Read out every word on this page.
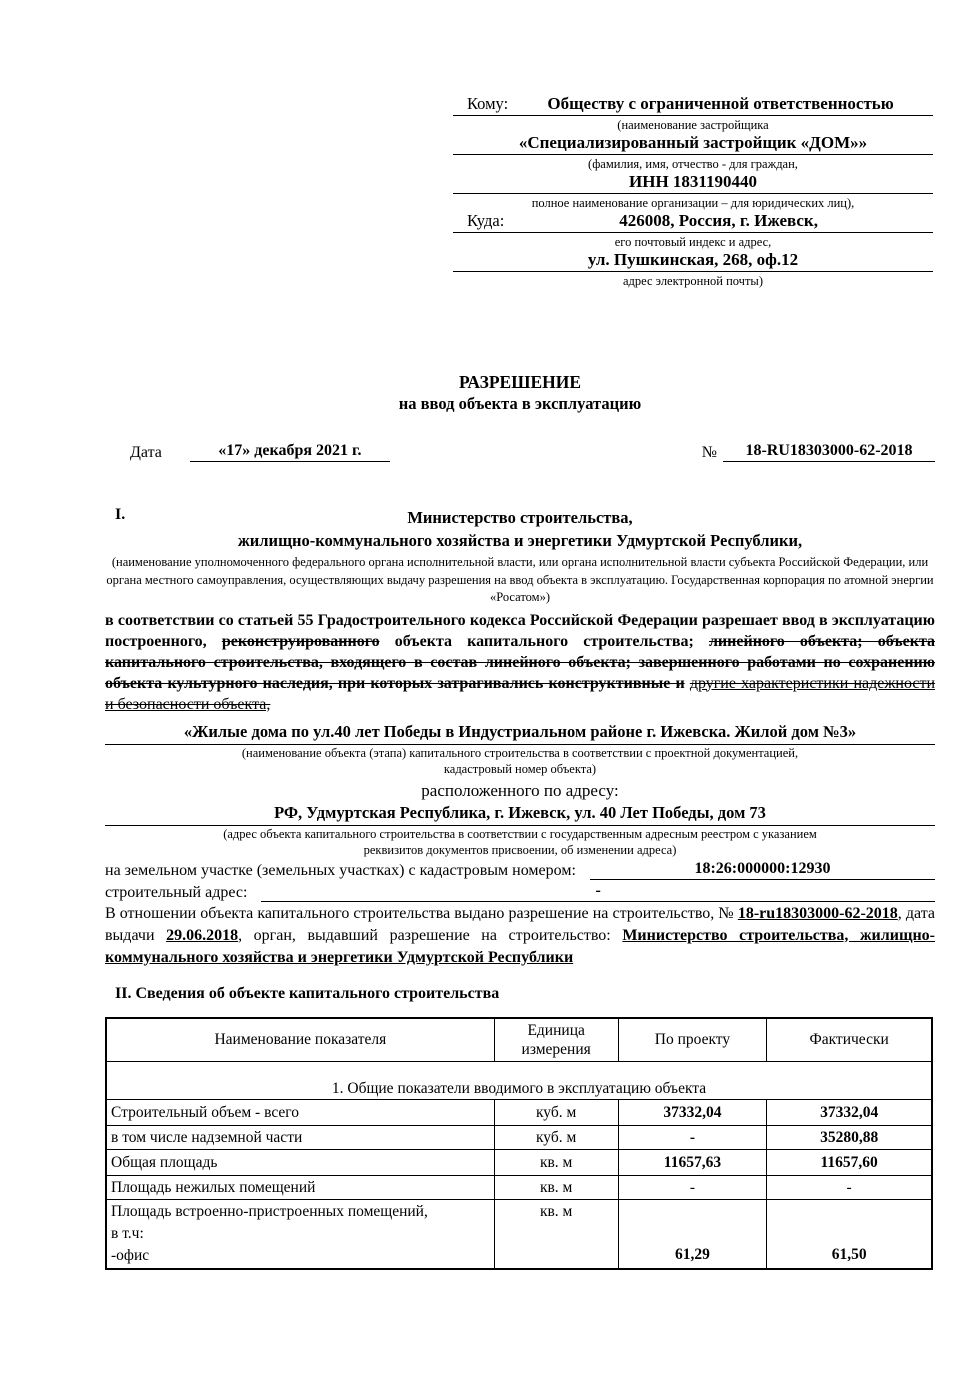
Кому:	Обществу с ограниченной ответственностью
(наименование застройщика
«Специализированный застройщик «ДОМ»»
(фамилия, имя, отчество - для граждан,
ИНН 1831190440
полное наименование организации – для юридических лиц),
Куда:	426008, Россия, г. Ижевск,
его почтовый индекс и адрес,
ул. Пушкинская, 268, оф.12
адрес электронной почты)
РАЗРЕШЕНИЕ
на ввод объекта в эксплуатацию
Дата	«17» декабря 2021 г.	№	18-RU18303000-62-2018
I.	Министерство строительства,
жилищно-коммунального хозяйства и энергетики Удмуртской Республики,
(наименование уполномоченного федерального органа исполнительной власти, или органа исполнительной власти субъекта Российской Федерации, или органа местного самоуправления, осуществляющих выдачу разрешения на ввод объекта в эксплуатацию. Государственная корпорация по атомной энергии «Росатом»)
в соответствии со статьей 55 Градостроительного кодекса Российской Федерации разрешает ввод в эксплуатацию построенного, реконструированного объекта капитального строительства; линейного объекта; объекта капитального строительства, входящего в состав линейного объекта; завершенного работами по сохранению объекта культурного наследия, при которых затрагивались конструктивные и другие характеристики надежности и безопасности объекта,
«Жилые дома по ул.40 лет Победы в Индустриальном районе г. Ижевска. Жилой дом №3»
(наименование объекта (этапа) капитального строительства в соответствии с проектной документацией,
кадастровый номер объекта)
расположенного по адресу:
РФ, Удмуртская Республика, г. Ижевск, ул. 40 Лет Победы, дом 73
(адрес объекта капитального строительства в соответствии с государственным адресным реестром с указанием
реквизитов документов присвоении, об изменении адреса)
на земельном участке (земельных участках) с кадастровым номером:	18:26:000000:12930
строительный адрес:	-
В отношении объекта капитального строительства выдано разрешение на строительство, № 18-ru18303000-62-2018, дата выдачи 29.06.2018, орган, выдавший разрешение на строительство: Министерство строительства, жилищно-коммунального хозяйства и энергетики Удмуртской Республики
II. Сведения об объекте капитального строительства
Наименование показателя	Единица измерения	По проекту	Фактически
1. Общие показатели вводимого в эксплуатацию объекта			
Строительный объем - всего	куб. м	37332,04	37332,04
в том числе надземной части	куб. м	-	35280,88
Общая площадь	кв. м	11657,63	11657,60
Площадь нежилых помещений	кв. м	-	-

Площадь встроенно-пристроенных помещений,
в т.ч:
-офис	кв. м	61,29	61,50
